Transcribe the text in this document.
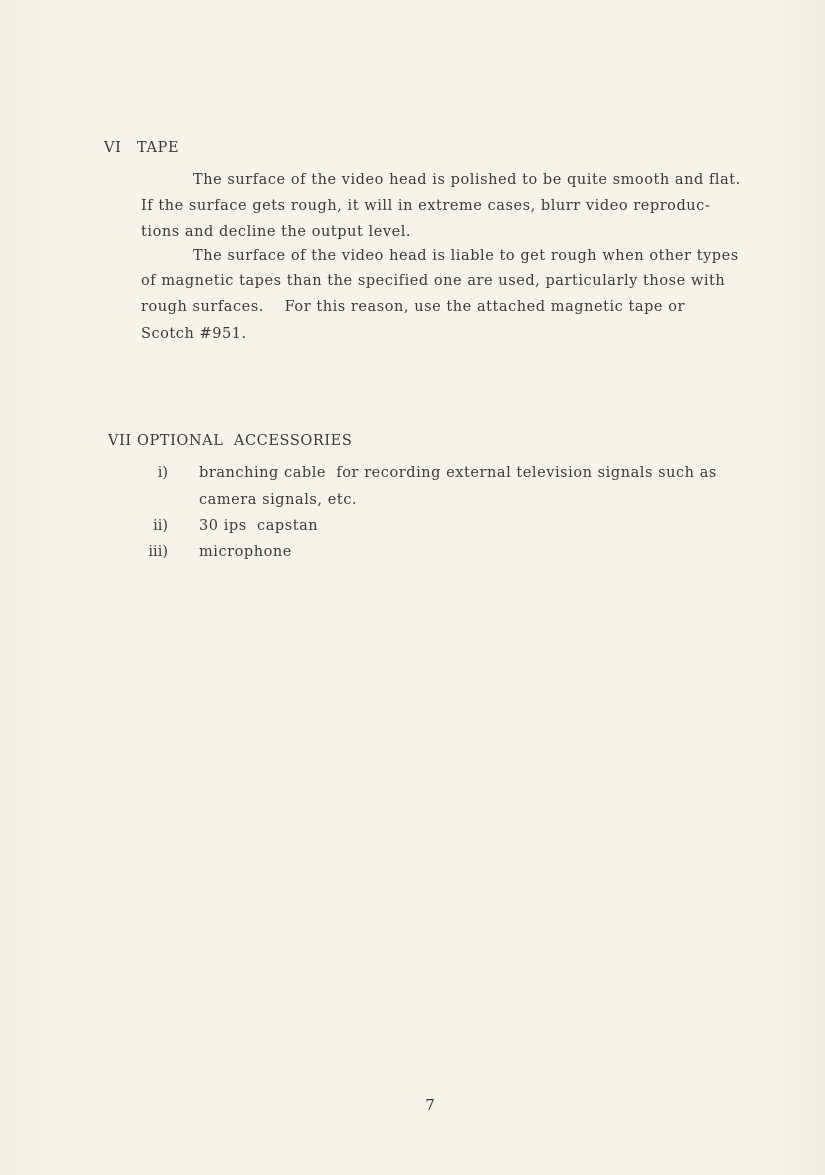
VI TAPE
The surface of the video head is polished to be quite smooth and flat.
If the surface gets rough, it will in extreme cases, blurr video reproduc-
tions and decline the output level.
The surface of the video head is liable to get rough when other types
of magnetic tapes than the specified one are used, particularly those with
rough surfaces.    For this reason, use the attached magnetic tape or
Scotch #951.
VII OPTIONAL  ACCESSORIES
i) branching cable  for recording external television signals such as
camera signals, etc.
ii) 30 ips  capstan
iii) microphone
7
